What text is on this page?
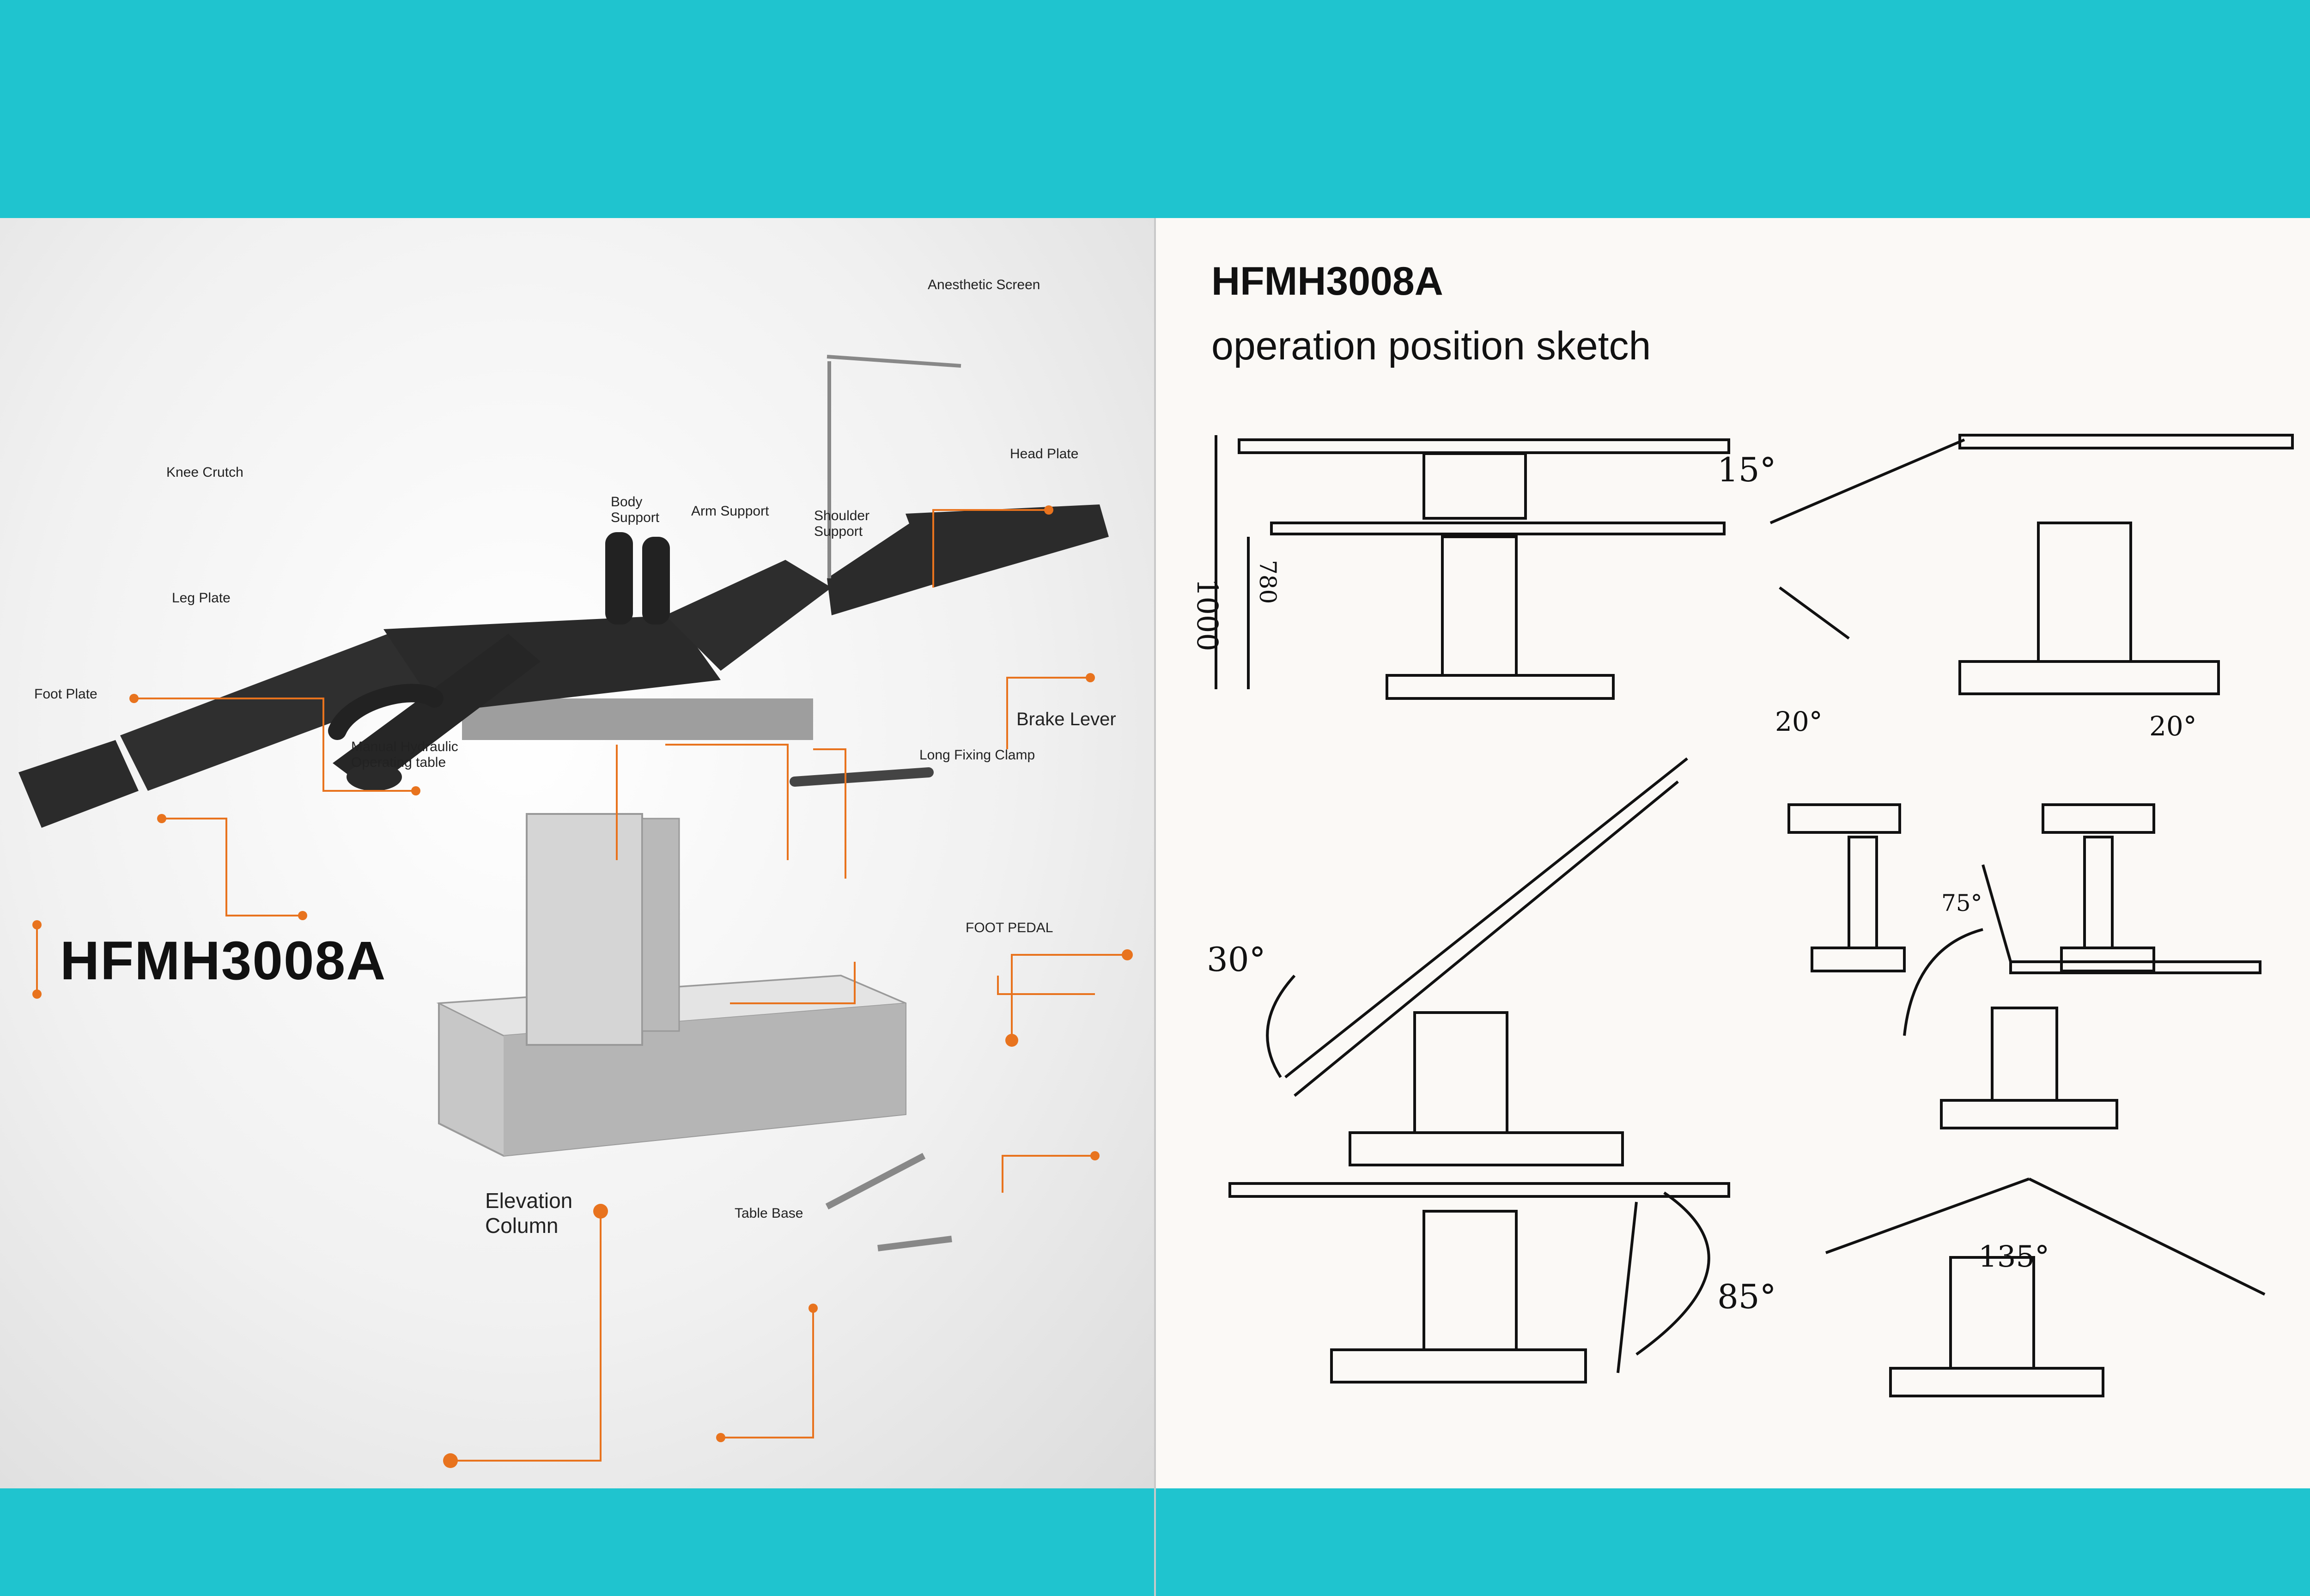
Anesthetic Screen
Knee Crutch
Body
Support Arm Support	Shoulder
Support
Head Plate
Leg Plate
Foot Plate
Manual Hydraulic
Operating table
Brake Lever
Long Fixing Clamp
FOOT PEDAL
Elevation
Column
Table Base
HFMH3008A
HFMH3008A
operation position sketch
1000 780
15°
20°	20°
30°
75°
85°
135°
